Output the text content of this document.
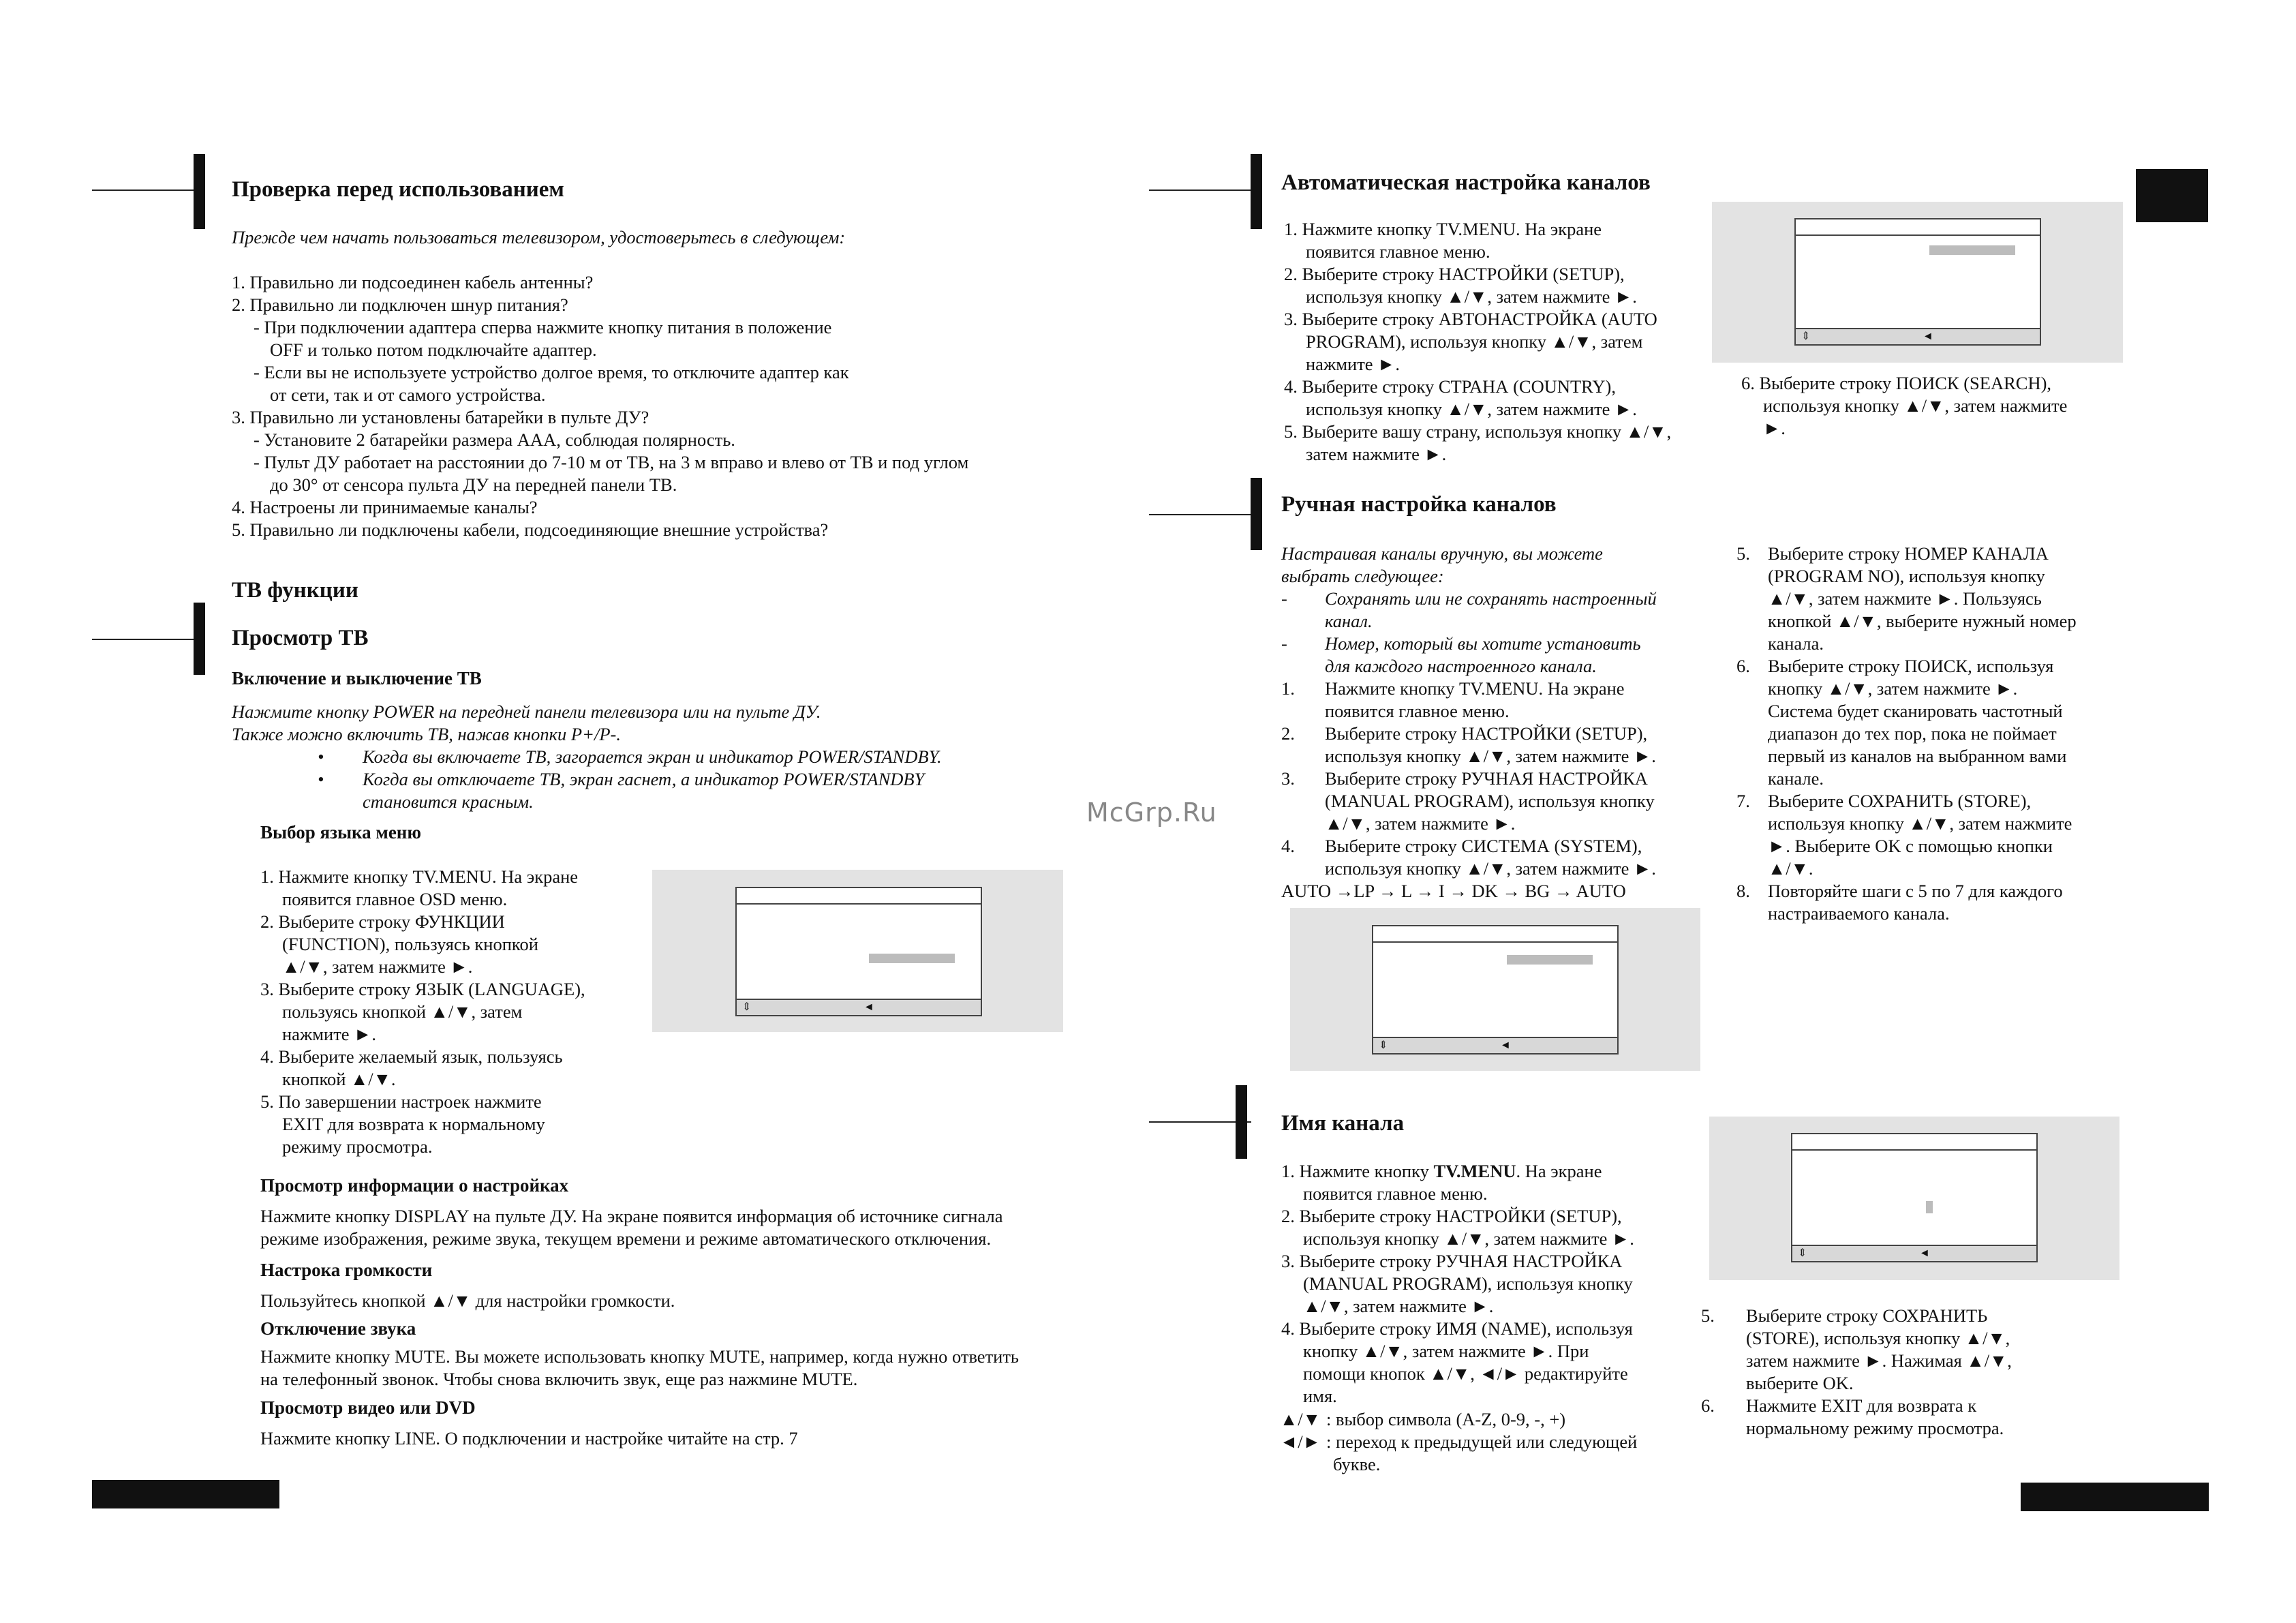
Проверка перед использованием
Прежде чем начать пользоваться телевизором, удостоверьтесь в следующем:
1. Правильно ли подсоединен кабель антенны?
2. Правильно ли подключен шнур питания?
- При подключении адаптера сперва нажмите кнопку питания в положение
OFF и только потом подключайте адаптер.
- Если вы не используете устройство долгое время, то отключите адаптер как
от сети, так и от самого устройства.
3. Правильно ли установлены батарейки в пульте ДУ?
- Установите 2 батарейки размера AAA, соблюдая полярность.
- Пульт ДУ работает на расстоянии до 7-10 м от ТВ, на 3 м вправо и влево от ТВ и под углом
до 30° от сенсора пульта ДУ на передней панели ТВ.
4. Настроены ли принимаемые каналы?
5. Правильно ли подключены кабели, подсоединяющие внешние устройства?
ТВ функции
Просмотр ТВ
Включение и выключение ТВ
Нажмите кнопку POWER на передней панели телевизора или на пульте ДУ.
Также можно включить ТВ, нажав кнопки P+/P-.
• Когда вы включаете ТВ, загорается экран и индикатор POWER/STANDBY.
• Когда вы отключаете ТВ, экран гаснет, а индикатор POWER/STANDBY
становится красным.
Выбор языка меню
1. Нажмите кнопку TV.MENU. На экране
появится главное OSD меню.
2. Выберите строку ФУНКЦИИ
(FUNCTION), пользуясь кнопкой
▲/▼, затем нажмите ►.
3. Выберите строку ЯЗЫК (LANGUAGE),
пользуясь кнопкой ▲/▼, затем
нажмите ►.
4. Выберите желаемый язык, пользуясь
кнопкой ▲/▼.
5. По завершении настроек нажмите
EXIT для возврата к нормальному
режиму просмотра.
⇕	◄
Просмотр информации о настройках
Нажмите кнопку DISPLAY на пульте ДУ. На экране появится информация об источнике сигнала
режиме изображения, режиме звука, текущем времени и режиме автоматического отключения.
Настрока громкости
Пользуйтесь кнопкой ▲/▼ для настройки громкости.
Отключение звука
Нажмите кнопку MUTE. Вы можете использовать кнопку MUTE, например, когда нужно ответить
на телефонный звонок. Чтобы снова включить звук, еще раз нажмине MUTE.
Просмотр видео или DVD
Нажмите кнопку LINE. О подключении и настройке читайте на стр. 7
McGrp.Ru
Автоматическая настройка каналов
1. Нажмите кнопку TV.MENU. На экране
появится главное меню.
2. Выберите строку НАСТРОЙКИ (SETUP),
используя кнопку ▲/▼, затем нажмите ►.
3. Выберите строку АВТОНАСТРОЙКА (AUTO
PROGRAM), используя кнопку ▲/▼, затем
нажмите ►.
4. Выберите строку СТРАНА (COUNTRY),
используя кнопку ▲/▼, затем нажмите ►.
5. Выберите вашу страну, используя кнопку ▲/▼,
затем нажмите ►.
⇕	◄
6. Выберите строку ПОИСК (SEARCH),
используя кнопку ▲/▼, затем нажмите
►.
Ручная настройка каналов
Настраивая каналы вручную, вы можете
выбрать следующее:
-	Сохранять или не сохранять настроенный
канал.
-	Номер, который вы хотите установить
для каждого настроенного канала.
1.	Нажмите кнопку TV.MENU. На экране
появится главное меню.
2.	Выберите строку НАСТРОЙКИ (SETUP),
используя кнопку ▲/▼, затем нажмите ►.
3.	Выберите строку РУЧНАЯ НАСТРОЙКА
(MANUAL PROGRAM), используя кнопку
▲/▼, затем нажмите ►.
4.	Выберите строку СИСТЕМА (SYSTEM),
используя кнопку ▲/▼, затем нажмите ►.
AUTO →LP → L → I → DK → BG → AUTO
⇕	◄
5. Выберите строку НОМЕР КАНАЛА
(PROGRAM NO), используя кнопку
▲/▼, затем нажмите ►. Пользуясь
кнопкой ▲/▼, выберите нужный номер
канала.
6. Выберите строку ПОИСК, используя
кнопку ▲/▼, затем нажмите ►.
Система будет сканировать частотный
диапазон до тех пор, пока не поймает
первый из каналов на выбранном вами
канале.
7. Выберите СОХРАНИТЬ (STORE),
используя кнопку ▲/▼, затем нажмите
►. Выберите OK с помощью кнопки
▲/▼.
8. Повторяйте шаги с 5 по 7 для каждого
настраиваемого канала.
Имя канала
1. Нажмите кнопку TV.MENU. На экране
появится главное меню.
2. Выберите строку НАСТРОЙКИ (SETUP),
используя кнопку ▲/▼, затем нажмите ►.
3. Выберите строку РУЧНАЯ НАСТРОЙКА
(MANUAL PROGRAM), используя кнопку
▲/▼, затем нажмите ►.
4. Выберите строку ИМЯ (NAME), используя
кнопку ▲/▼, затем нажмите ►. При
помощи кнопок ▲/▼, ◄/► редактируйте
имя.
▲/▼ : выбор символа (A-Z, 0-9, -, +)
◄/► : переход к предыдущей или следующей
букве.
⇕	◄
5.	Выберите строку СОХРАНИТЬ
(STORE), используя кнопку ▲/▼,
затем нажмите ►. Нажимая ▲/▼,
выберите OK.
6.	Нажмите EXIT для возврата к
нормальному режиму просмотра.
